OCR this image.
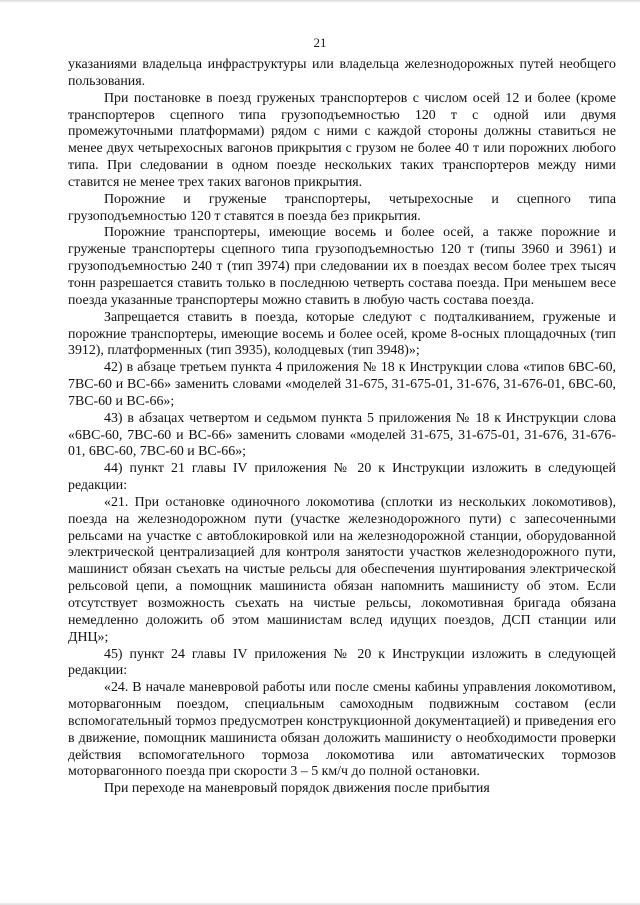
21

указаниями владельца инфраструктуры или владельца железнодорожных путей необщего пользования.

При постановке в поезд груженых транспортеров с числом осей 12 и более (кроме транспортеров сцепного типа грузоподъемностью 120 т с одной или двумя промежуточными платформами) рядом с ними с каждой стороны должны ставиться не менее двух четырехосных вагонов прикрытия с грузом не более 40 т или порожних любого типа. При следовании в одном поезде нескольких таких транспортеров между ними ставится не менее трех таких вагонов прикрытия.

Порожние и груженые транспортеры, четырехосные и сцепного типа грузоподъемностью 120 т ставятся в поезда без прикрытия.

Порожние транспортеры, имеющие восемь и более осей, а также порожние и груженые транспортеры сцепного типа грузоподъемностью 120 т (типы 3960 и 3961) и грузоподъемностью 240 т (тип 3974) при следовании их в поездах весом более трех тысяч тонн разрешается ставить только в последнюю четверть состава поезда. При меньшем весе поезда указанные транспортеры можно ставить в любую часть состава поезда.

Запрещается ставить в поезда, которые следуют с подталкиванием, груженые и порожние транспортеры, имеющие восемь и более осей, кроме 8-осных площадочных (тип 3912), платформенных (тип 3935), колодцевых (тип 3948)»;

42) в абзаце третьем пункта 4 приложения № 18 к Инструкции слова «типов 6ВС-60, 7ВС-60 и ВС-66» заменить словами «моделей 31-675, 31-675-01, 31-676, 31-676-01, 6ВС-60, 7ВС-60 и ВС-66»;

43) в абзацах четвертом и седьмом пункта 5 приложения № 18 к Инструкции слова «6ВС-60, 7ВС-60 и ВС-66» заменить словами «моделей 31-675, 31-675-01, 31-676, 31-676-01, 6ВС-60, 7ВС-60 и ВС-66»;

44) пункт 21 главы IV приложения № 20 к Инструкции изложить в следующей редакции:

«21. При остановке одиночного локомотива (сплотки из нескольких локомотивов), поезда на железнодорожном пути (участке железнодорожного пути) с запесоченными рельсами на участке с автоблокировкой или на железнодорожной станции, оборудованной электрической централизацией для контроля занятости участков железнодорожного пути, машинист обязан съехать на чистые рельсы для обеспечения шунтирования электрической рельсовой цепи, а помощник машиниста обязан напомнить машинисту об этом. Если отсутствует возможность съехать на чистые рельсы, локомотивная бригада обязана немедленно доложить об этом машинистам вслед идущих поездов, ДСП станции или ДНЦ»;

45) пункт 24 главы IV приложения № 20 к Инструкции изложить в следующей редакции:

«24. В начале маневровой работы или после смены кабины управления локомотивом, моторвагонным поездом, специальным самоходным подвижным составом (если вспомогательный тормоз предусмотрен конструкционной документацией) и приведения его в движение, помощник машиниста обязан доложить машинисту о необходимости проверки действия вспомогательного тормоза локомотива или автоматических тормозов моторвагонного поезда при скорости 3 – 5 км/ч до полной остановки.

При переходе на маневровый порядок движения после прибытия
